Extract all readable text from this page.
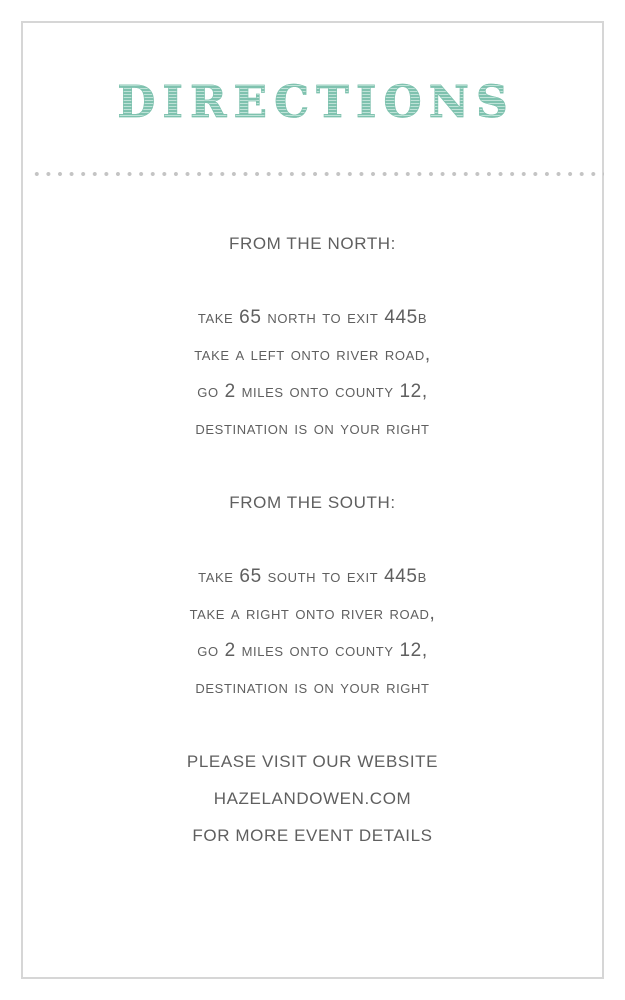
DIRECTIONS
FROM THE NORTH:
take 65 north to exit 445b
take a left onto river road,
go 2 miles onto county 12,
destination is on your right
FROM THE SOUTH:
take 65 south to exit 445b
take a right onto river road,
go 2 miles onto county 12,
destination is on your right
PLEASE VISIT OUR WEBSITE
HAZELANDOWEN.COM
FOR MORE EVENT DETAILS
